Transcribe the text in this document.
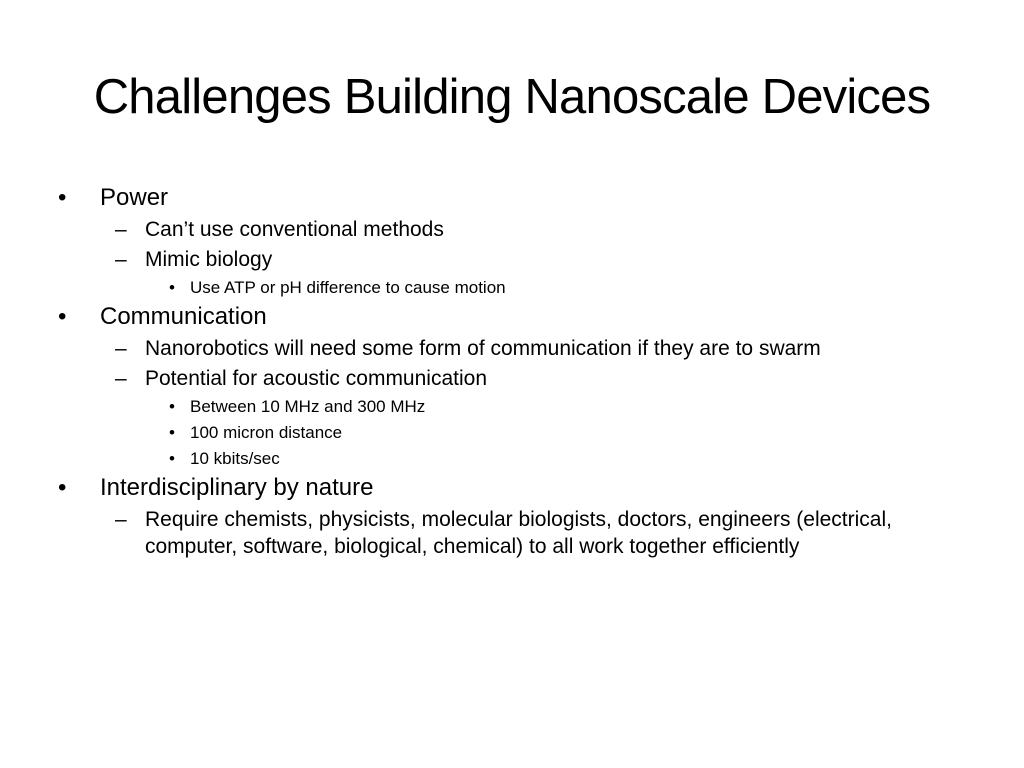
Challenges Building Nanoscale Devices
• Power
– Can’t use conventional methods
– Mimic biology
• Use ATP or pH difference to cause motion
• Communication
– Nanorobotics will need some form of communication if they are to swarm
– Potential for acoustic communication
• Between 10 MHz and 300 MHz
• 100 micron distance
• 10 kbits/sec
• Interdisciplinary by nature
– Require chemists, physicists, molecular biologists, doctors, engineers (electrical, computer, software, biological, chemical) to all work together efficiently
